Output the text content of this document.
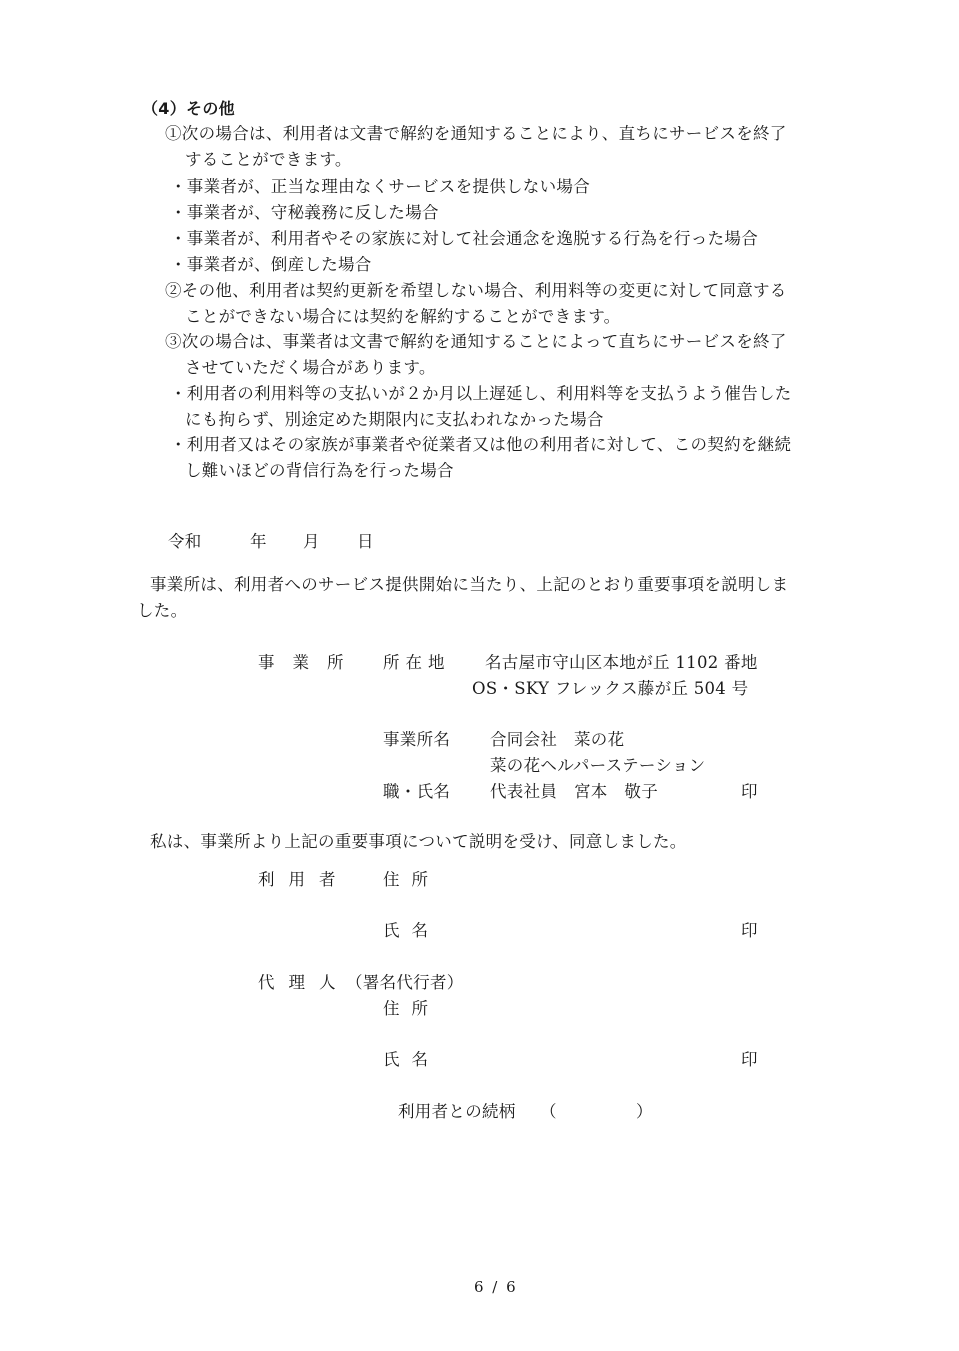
（4）その他
①次の場合は、利用者は文書で解約を通知することにより、直ちにサービスを終了
することができます。
・事業者が、正当な理由なくサービスを提供しない場合
・事業者が、守秘義務に反した場合
・事業者が、利用者やその家族に対して社会通念を逸脱する行為を行った場合
・事業者が、倒産した場合
②その他、利用者は契約更新を希望しない場合、利用料等の変更に対して同意する
ことができない場合には契約を解約することができます。
③次の場合は、事業者は文書で解約を通知することによって直ちにサービスを終了
させていただく場合があります。
・利用者の利用料等の支払いが２か月以上遅延し、利用料等を支払うよう催告した
にも拘らず、別途定めた期限内に支払われなかった場合
・利用者又はその家族が事業者や従業者又は他の利用者に対して、この契約を継続
し難いほどの背信行為を行った場合
令和	年 月 日
事業所は、利用者へのサービス提供開始に当たり、上記のとおり重要事項を説明しま
した。
事業所 所在地 名古屋市守山区本地が丘 1102 番地
OS・SKY フレックス藤が丘 504 号
事業所名 合同会社　菜の花
菜の花ヘルパーステーション
職・氏名 代表社員　宮本　敬子	印
私は、事業所より上記の重要事項について説明を受け、同意しました。
利用者 住所
氏名	印
代理人
（署名代行者）
住所
氏名	印
利用者との続柄 （	）
6 / 6
